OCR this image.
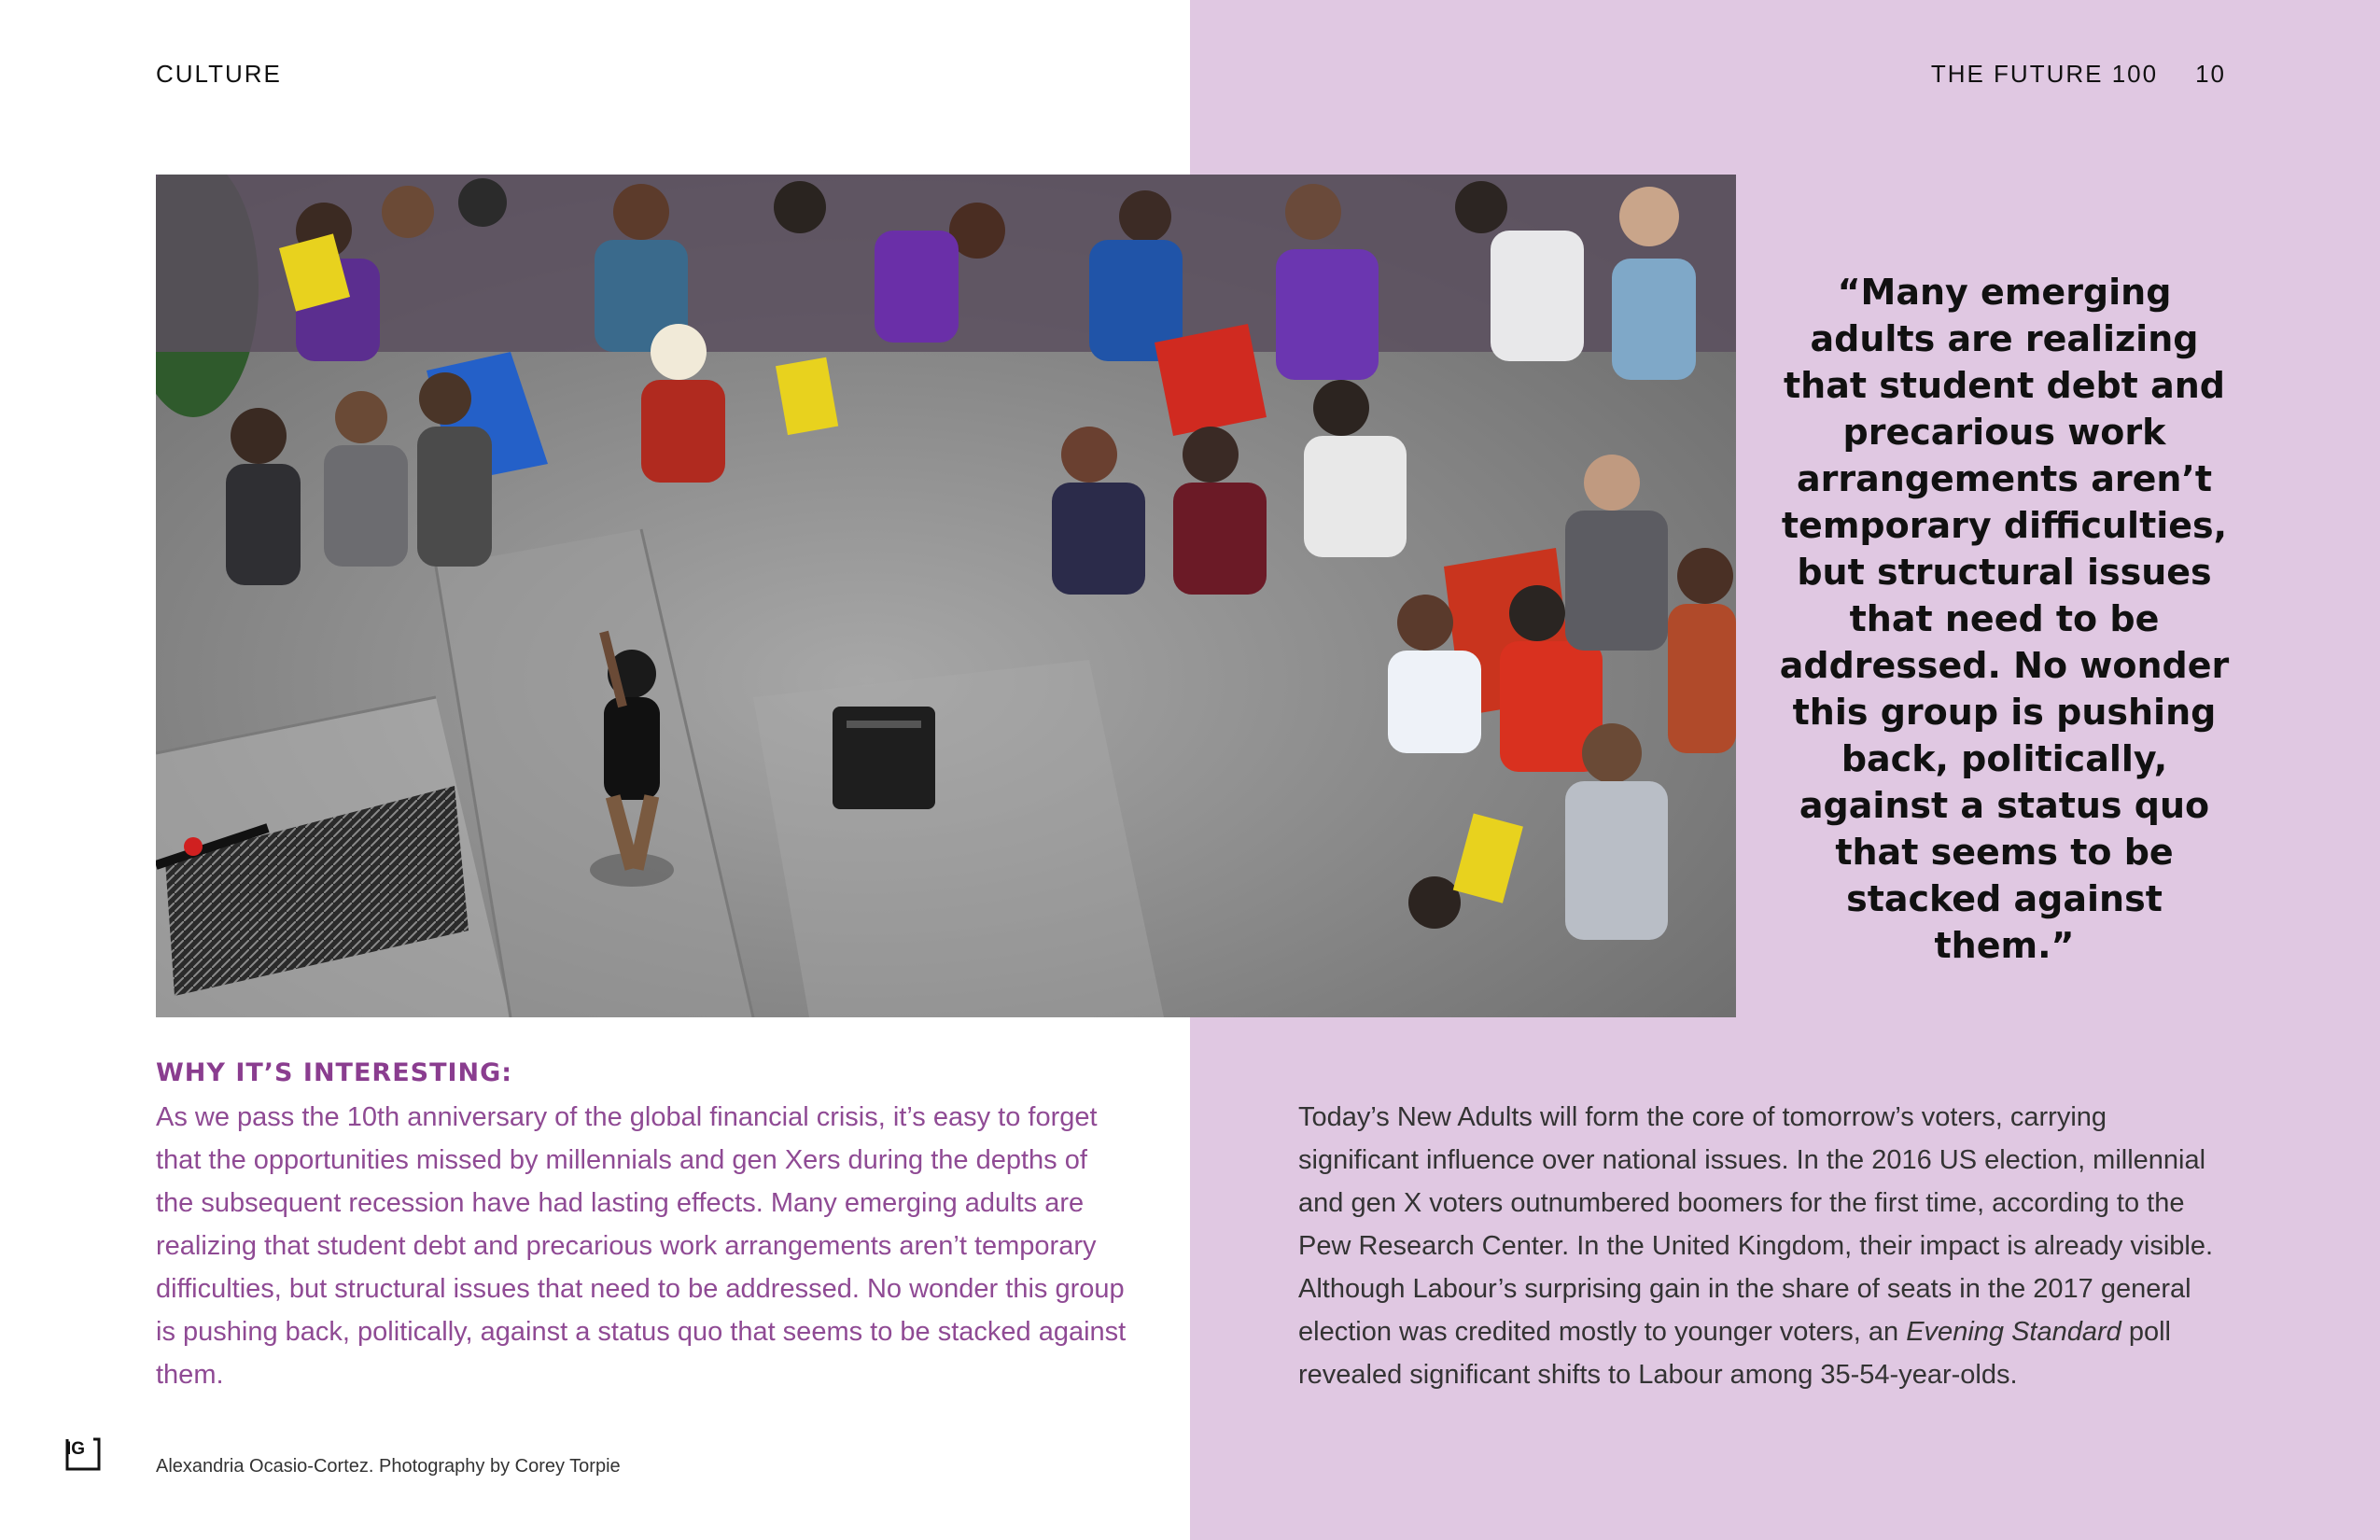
CULTURE	THE FUTURE 100 10
“Many emerging adults are realizing that student debt and precarious work arrangements aren’t temporary difficulties, but structural issues that need to be addressed. No wonder this group is pushing back, politically, against a status quo that seems to be stacked against them.”
WHY IT’S INTERESTING:
As we pass the 10th anniversary of the global financial crisis, it’s easy to forget that the opportunities missed by millennials and gen Xers during the depths of the subsequent recession have had lasting effects. Many emerging adults are realizing that student debt and precarious work arrangements aren’t temporary difficulties, but structural issues that need to be addressed. No wonder this group is pushing back, politically, against a status quo that seems to be stacked against them.
Today’s New Adults will form the core of tomorrow’s voters, carrying significant influence over national issues. In the 2016 US election, millennial and gen X voters outnumbered boomers for the first time, according to the Pew Research Center. In the United Kingdom, their impact is already visible. Although Labour’s surprising gain in the share of seats in the 2017 general election was credited mostly to younger voters, an Evening Standard poll revealed significant shifts to Labour among 35-54-year-olds.
IG
Alexandria Ocasio-Cortez. Photography by Corey Torpie
